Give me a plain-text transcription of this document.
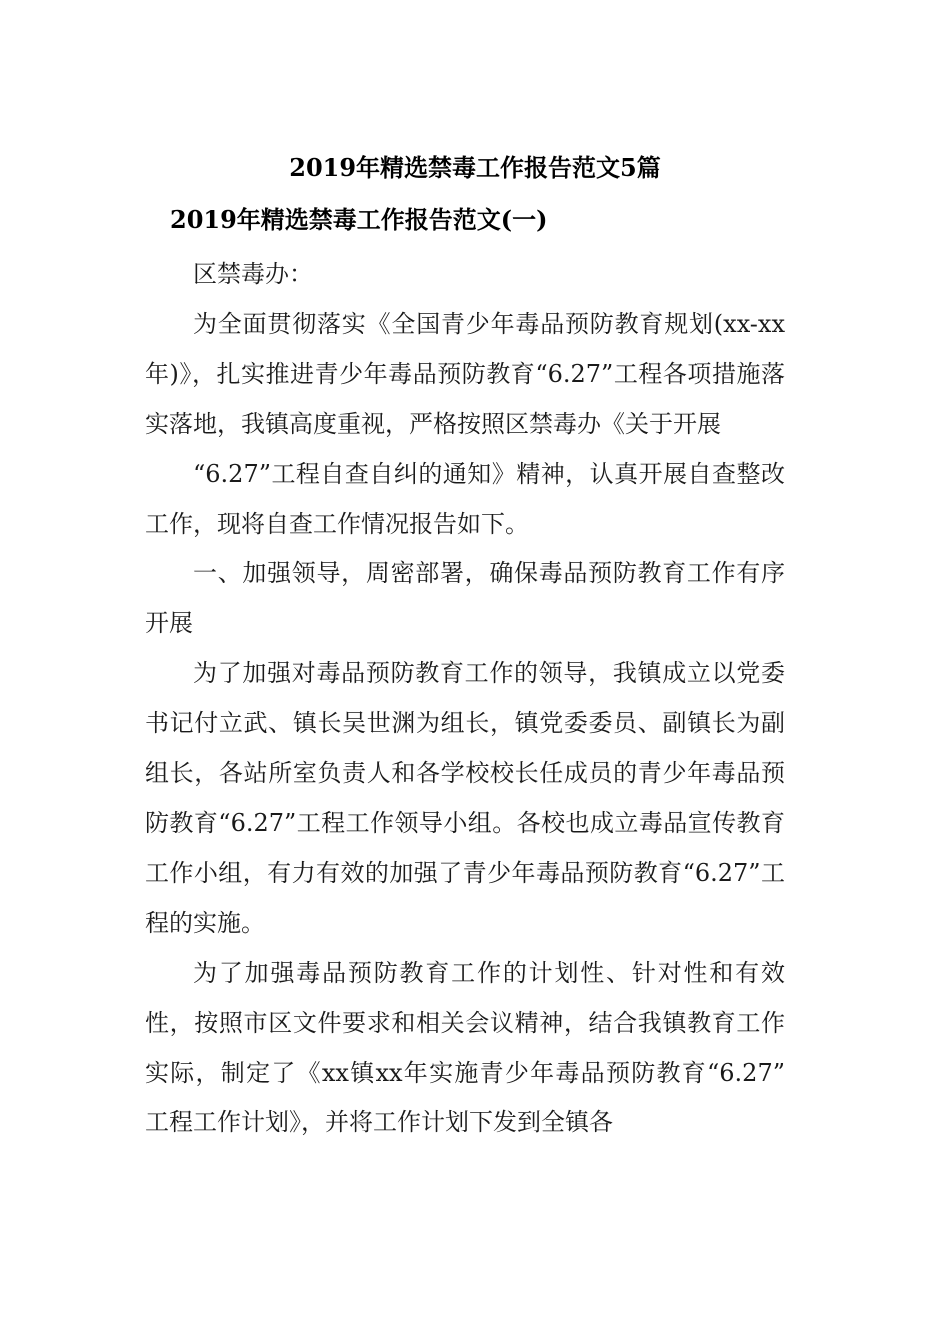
2019年精选禁毒工作报告范文5篇
2019年精选禁毒工作报告范文(一)

区禁毒办：

为全面贯彻落实《全国青少年毒品预防教育规划(xx-xx年)》，扎实推进青少年毒品预防教育“6.27”工程各项措施落实落地，我镇高度重视，严格按照区禁毒办《关于开展

“6.27”工程自查自纠的通知》精神，认真开展自查整改工作，现将自查工作情况报告如下。

一、加强领导，周密部署，确保毒品预防教育工作有序开展

为了加强对毒品预防教育工作的领导，我镇成立以党委书记付立武、镇长吴世渊为组长，镇党委委员、副镇长为副组长，各站所室负责人和各学校校长任成员的青少年毒品预防教育“6.27”工程工作领导小组。各校也成立毒品宣传教育工作小组，有力有效的加强了青少年毒品预防教育“6.27”工程的实施。

为了加强毒品预防教育工作的计划性、针对性和有效性，按照市区文件要求和相关会议精神，结合我镇教育工作实际，制定了《xx镇xx年实施青少年毒品预防教育“6.27” 工程工作计划》，并将工作计划下发到全镇各
